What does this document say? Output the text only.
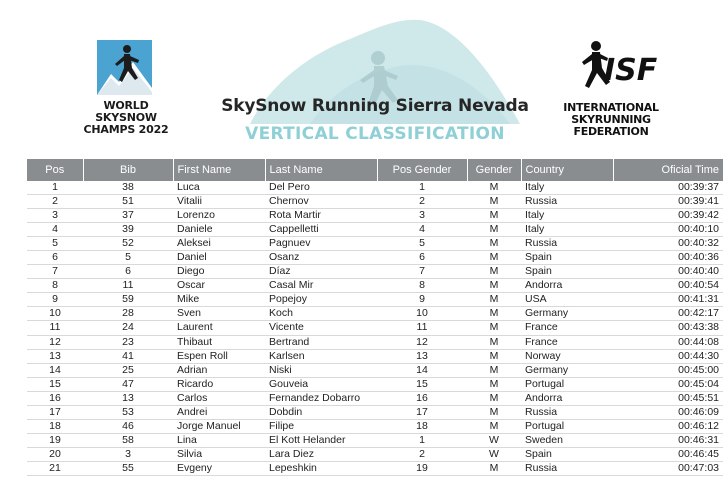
WORLD
SKYSNOW
CHAMPS 2022
ISF
INTERNATIONAL
SKYRUNNING
FEDERATION
SkySnow Running Sierra Nevada
VERTICAL CLASSIFICATION
Pos	Bib	First Name	Last Name	Pos Gender	Gender	Country	Oficial Time
1	38	Luca	Del Pero	1	M	Italy	00:39:37
2	51	Vitalii	Chernov	2	M	Russia	00:39:41
3	37	Lorenzo	Rota Martir	3	M	Italy	00:39:42
4	39	Daniele	Cappelletti	4	M	Italy	00:40:10
5	52	Aleksei	Pagnuev	5	M	Russia	00:40:32
6	5	Daniel	Osanz	6	M	Spain	00:40:36
7	6	Diego	Díaz	7	M	Spain	00:40:40
8	11	Oscar	Casal Mir	8	M	Andorra	00:40:54
9	59	Mike	Popejoy	9	M	USA	00:41:31
10	28	Sven	Koch	10	M	Germany	00:42:17
11	24	Laurent	Vicente	11	M	France	00:43:38
12	23	Thibaut	Bertrand	12	M	France	00:44:08
13	41	Espen Roll	Karlsen	13	M	Norway	00:44:30
14	25	Adrian	Niski	14	M	Germany	00:45:00
15	47	Ricardo	Gouveia	15	M	Portugal	00:45:04
16	13	Carlos	Fernandez Dobarro	16	M	Andorra	00:45:51
17	53	Andrei	Dobdin	17	M	Russia	00:46:09
18	46	Jorge Manuel	Filipe	18	M	Portugal	00:46:12
19	58	Lina	El Kott Helander	1	W	Sweden	00:46:31
20	3	Silvia	Lara Diez	2	W	Spain	00:46:45
21	55	Evgeny	Lepeshkin	19	M	Russia	00:47:03
